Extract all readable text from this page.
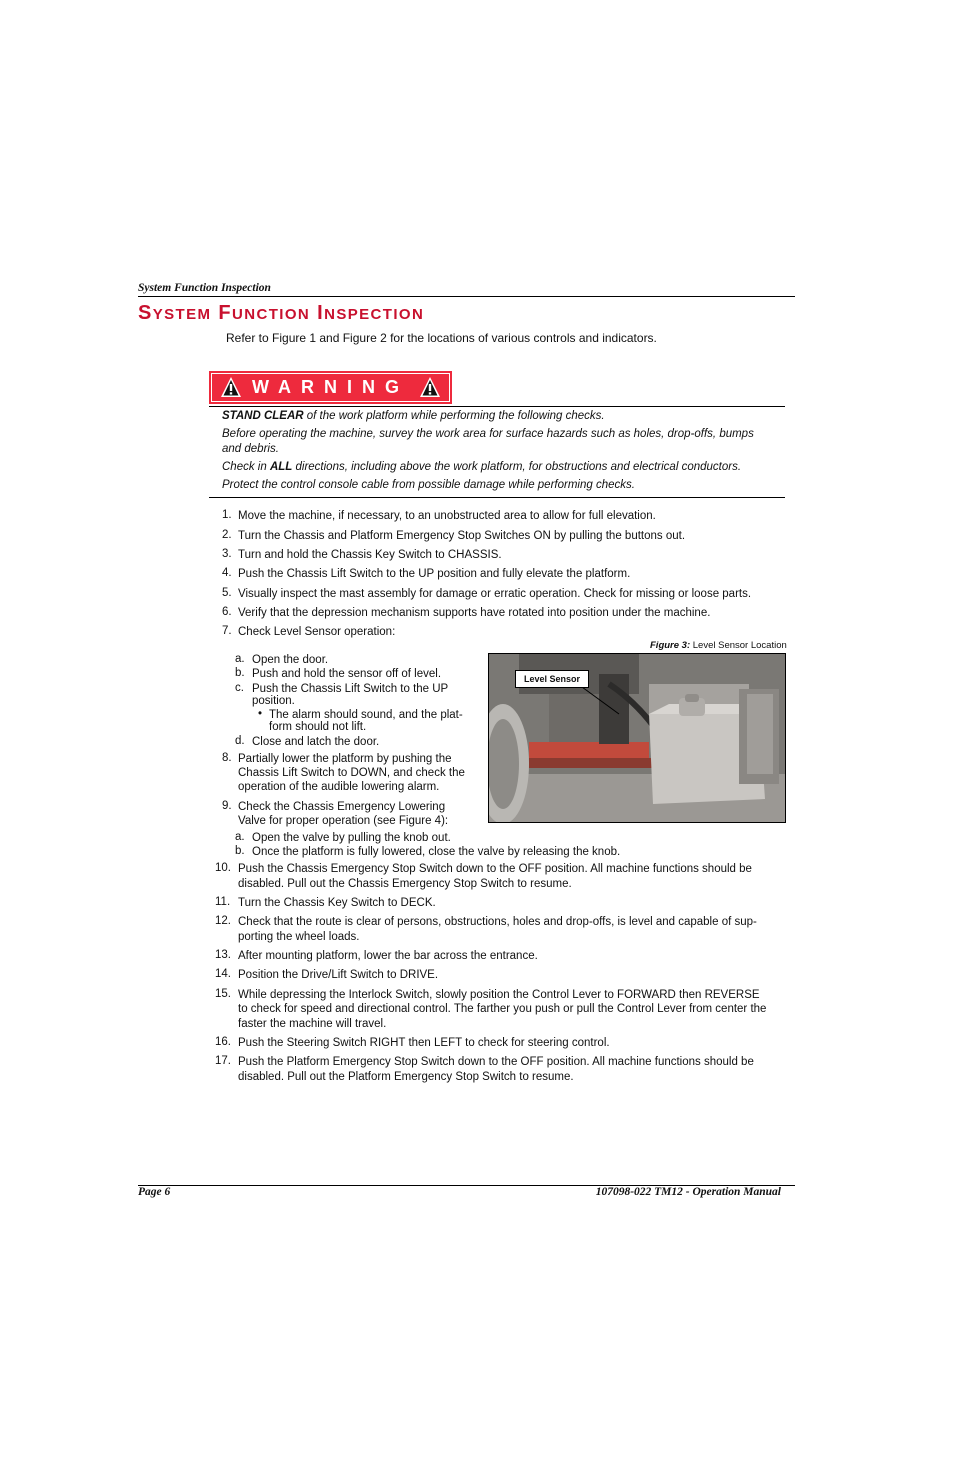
System Function Inspection
SYSTEM FUNCTION INSPECTION
Refer to Figure 1 and Figure 2 for the locations of various controls and indicators.
WARNING
STAND CLEAR of the work platform while performing the following checks.
Before operating the machine, survey the work area for surface hazards such as holes, drop-offs, bumps
and debris.
Check in ALL directions, including above the work platform, for obstructions and electrical conductors.
Protect the control console cable from possible damage while performing checks.
1. Move the machine, if necessary, to an unobstructed area to allow for full elevation.
2. Turn the Chassis and Platform Emergency Stop Switches ON by pulling the buttons out.
3. Turn and hold the Chassis Key Switch to CHASSIS.
4. Push the Chassis Lift Switch to the UP position and fully elevate the platform.
5. Visually inspect the mast assembly for damage or erratic operation. Check for missing or loose parts.
6. Verify that the depression mechanism supports have rotated into position under the machine.
7. Check Level Sensor operation:
a. Open the door.
b. Push and hold the sensor off of level.
c. Push the Chassis Lift Switch to the UP
position.
• The alarm should sound, and the plat-
form should not lift.
d. Close and latch the door.
8. Partially lower the platform by pushing the
Chassis Lift Switch to DOWN, and check the
operation of the audible lowering alarm.
9. Check the Chassis Emergency Lowering
Valve for proper operation (see Figure 4):
a. Open the valve by pulling the knob out.
b. Once the platform is fully lowered, close the valve by releasing the knob.
10. Push the Chassis Emergency Stop Switch down to the OFF position. All machine functions should be
disabled. Pull out the Chassis Emergency Stop Switch to resume.
11. Turn the Chassis Key Switch to DECK.
12. Check that the route is clear of persons, obstructions, holes and drop-offs, is level and capable of sup-
porting the wheel loads.
13. After mounting platform, lower the bar across the entrance.
14. Position the Drive/Lift Switch to DRIVE.
15. While depressing the Interlock Switch, slowly position the Control Lever to FORWARD then REVERSE
to check for speed and directional control. The farther you push or pull the Control Lever from center the
faster the machine will travel.
16. Push the Steering Switch RIGHT then LEFT to check for steering control.
17. Push the Platform Emergency Stop Switch down to the OFF position. All machine functions should be
disabled. Pull out the Platform Emergency Stop Switch to resume.
Figure 3: Level Sensor Location
Level Sensor
Page 6	107098-022 TM12 - Operation Manual
